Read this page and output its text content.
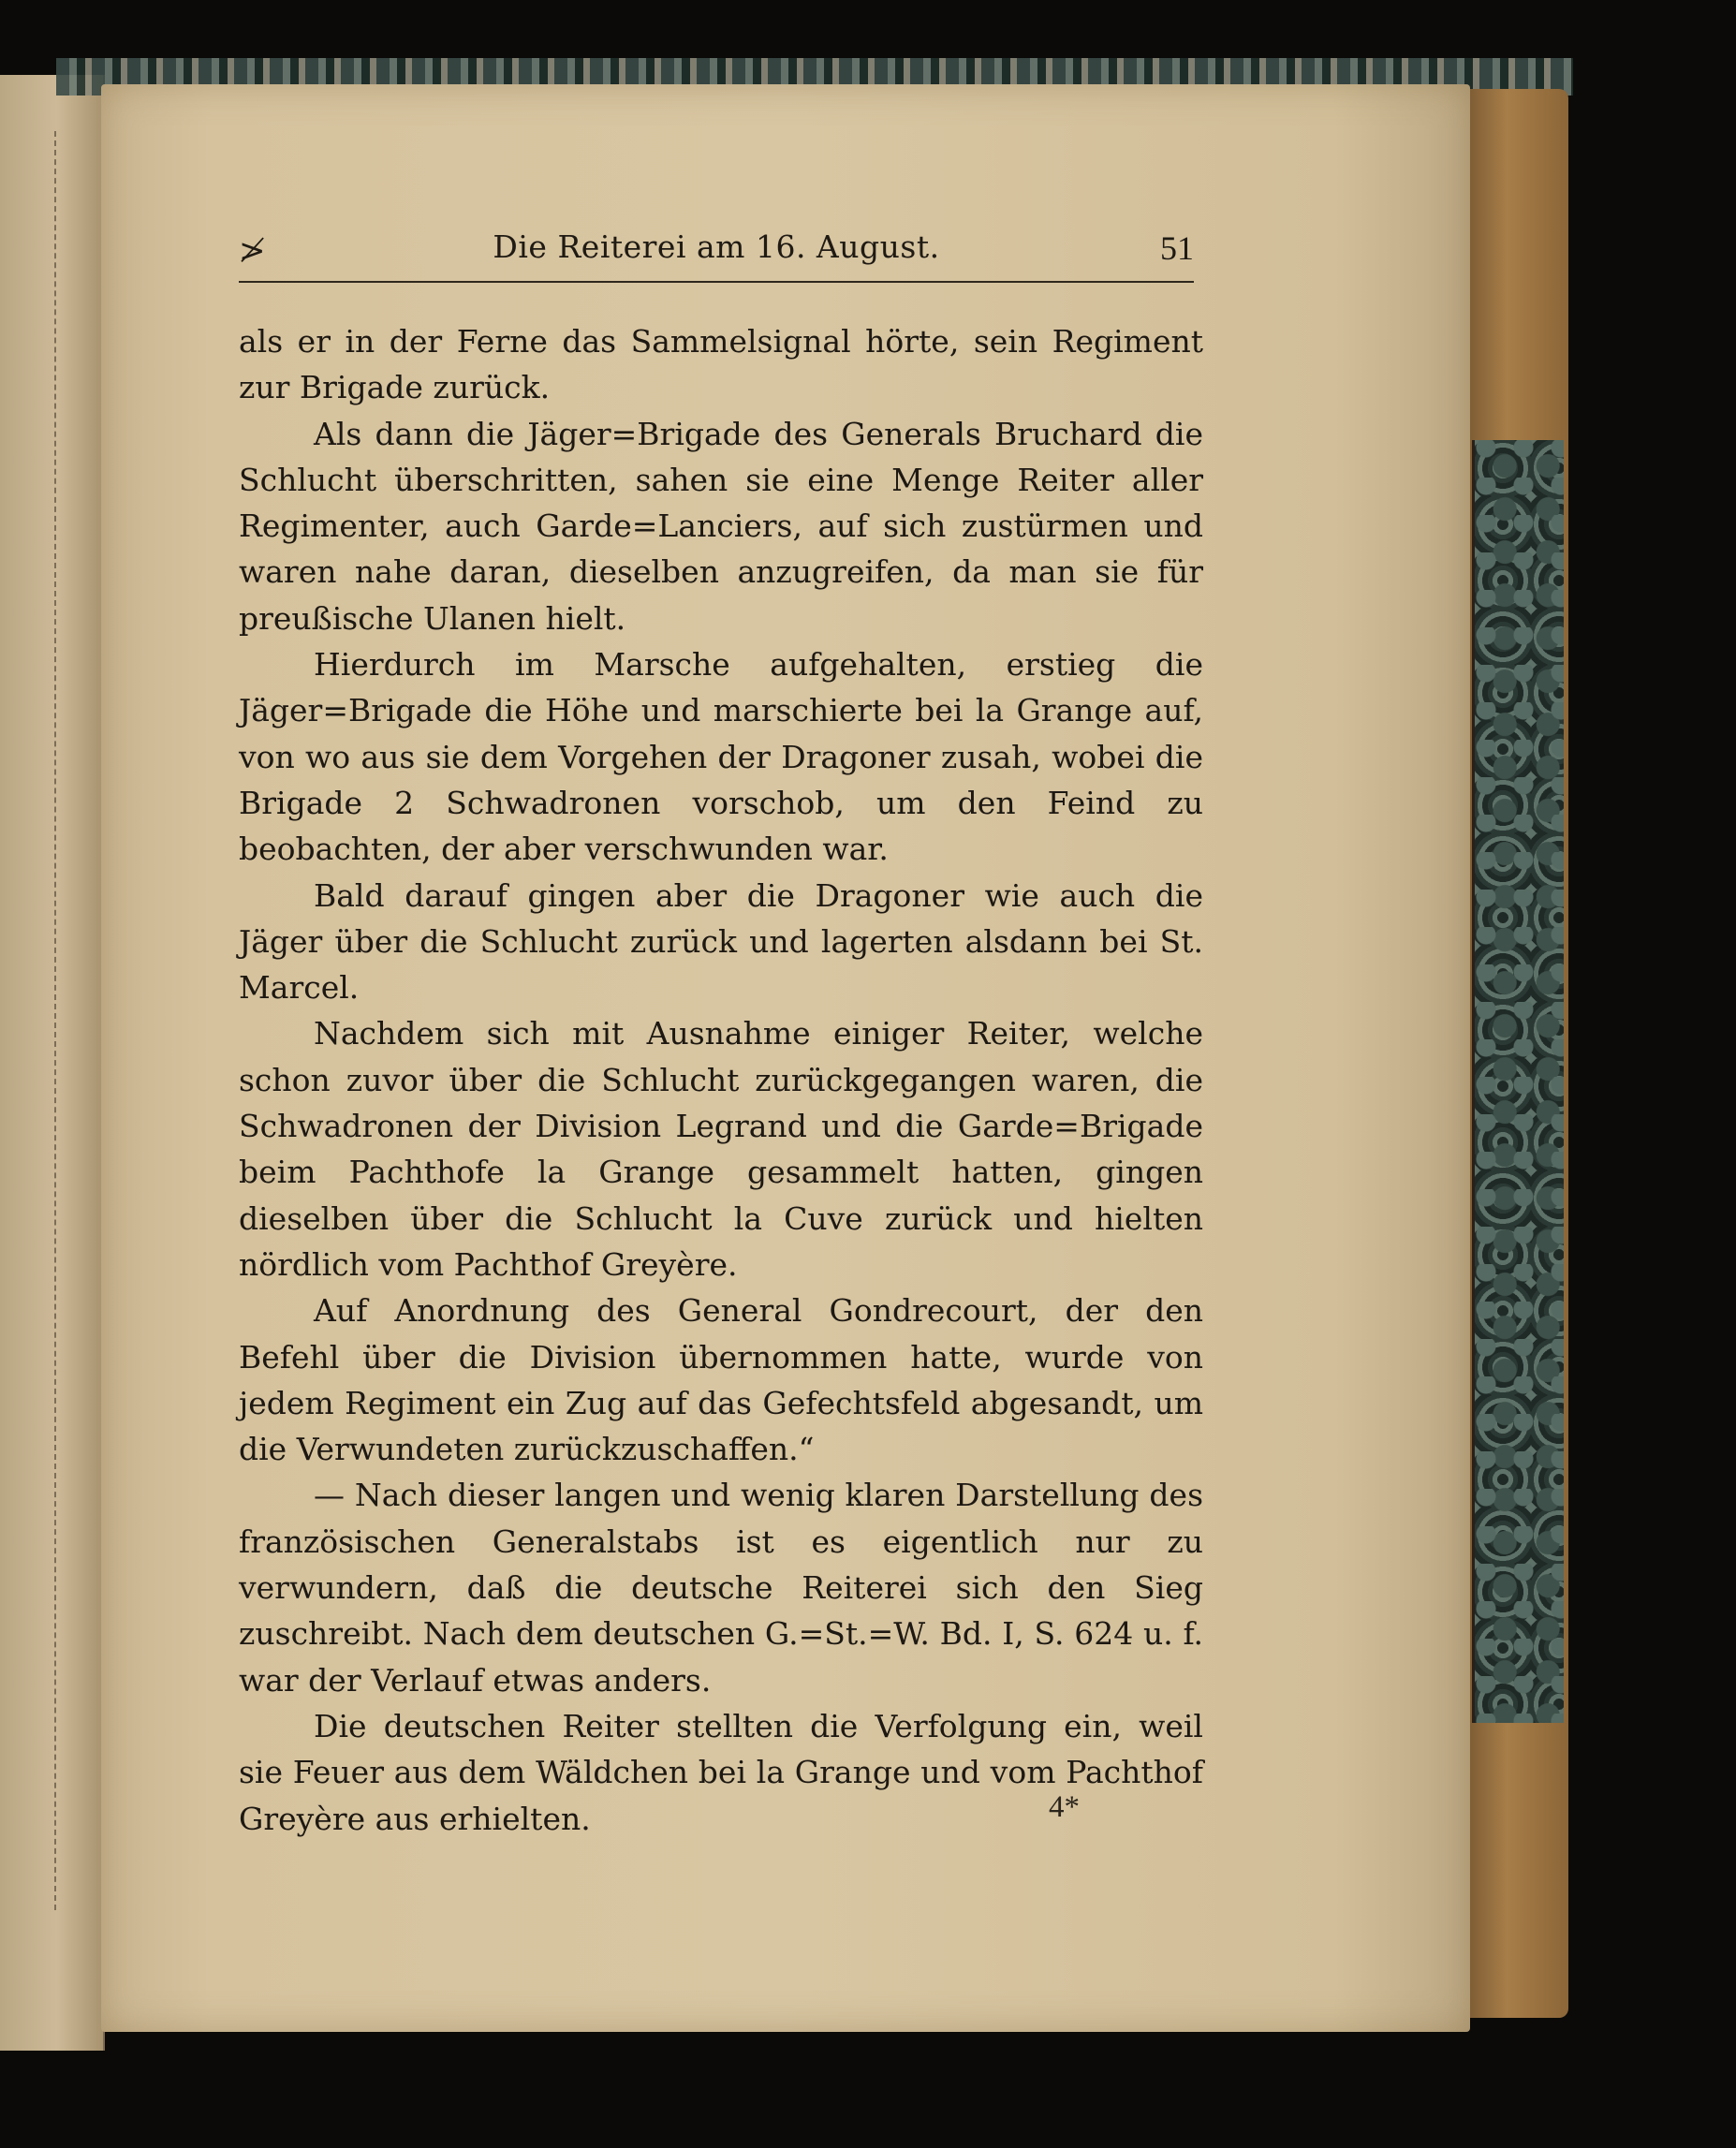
≯	Die Reiterei am 16. August.	51

als er in der Ferne das Sammelsignal hörte, sein Regiment zur Brigade zurück.

Als dann die Jäger=Brigade des Generals Bruchard die Schlucht überschritten, sahen sie eine Menge Reiter aller Regimenter, auch Garde=Lanciers, auf sich zustürmen und waren nahe daran, dieselben anzugreifen, da man sie für preußische Ulanen hielt.

Hierdurch im Marsche aufgehalten, erstieg die Jäger=Brigade die Höhe und marschierte bei la Grange auf, von wo aus sie dem Vorgehen der Dragoner zusah, wobei die Brigade 2 Schwadronen vorschob, um den Feind zu beobachten, der aber verschwunden war.

Bald darauf gingen aber die Dragoner wie auch die Jäger über die Schlucht zurück und lagerten alsdann bei St. Marcel.

Nachdem sich mit Ausnahme einiger Reiter, welche schon zuvor über die Schlucht zurückgegangen waren, die Schwadronen der Division Legrand und die Garde=Brigade beim Pachthofe la Grange gesammelt hatten, gingen dieselben über die Schlucht la Cuve zurück und hielten nördlich vom Pachthof Greyère.

Auf Anordnung des General Gondrecourt, der den Befehl über die Division übernommen hatte, wurde von jedem Regiment ein Zug auf das Gefechtsfeld abgesandt, um die Verwundeten zurückzuschaffen.“

— Nach dieser langen und wenig klaren Darstellung des französischen Generalstabs ist es eigentlich nur zu verwundern, daß die deutsche Reiterei sich den Sieg zuschreibt. Nach dem deutschen G.=St.=W. Bd. I, S. 624 u. f. war der Verlauf etwas anders.

Die deutschen Reiter stellten die Verfolgung ein, weil sie Feuer aus dem Wäldchen bei la Grange und vom Pachthof Greyère aus erhielten.	4*
